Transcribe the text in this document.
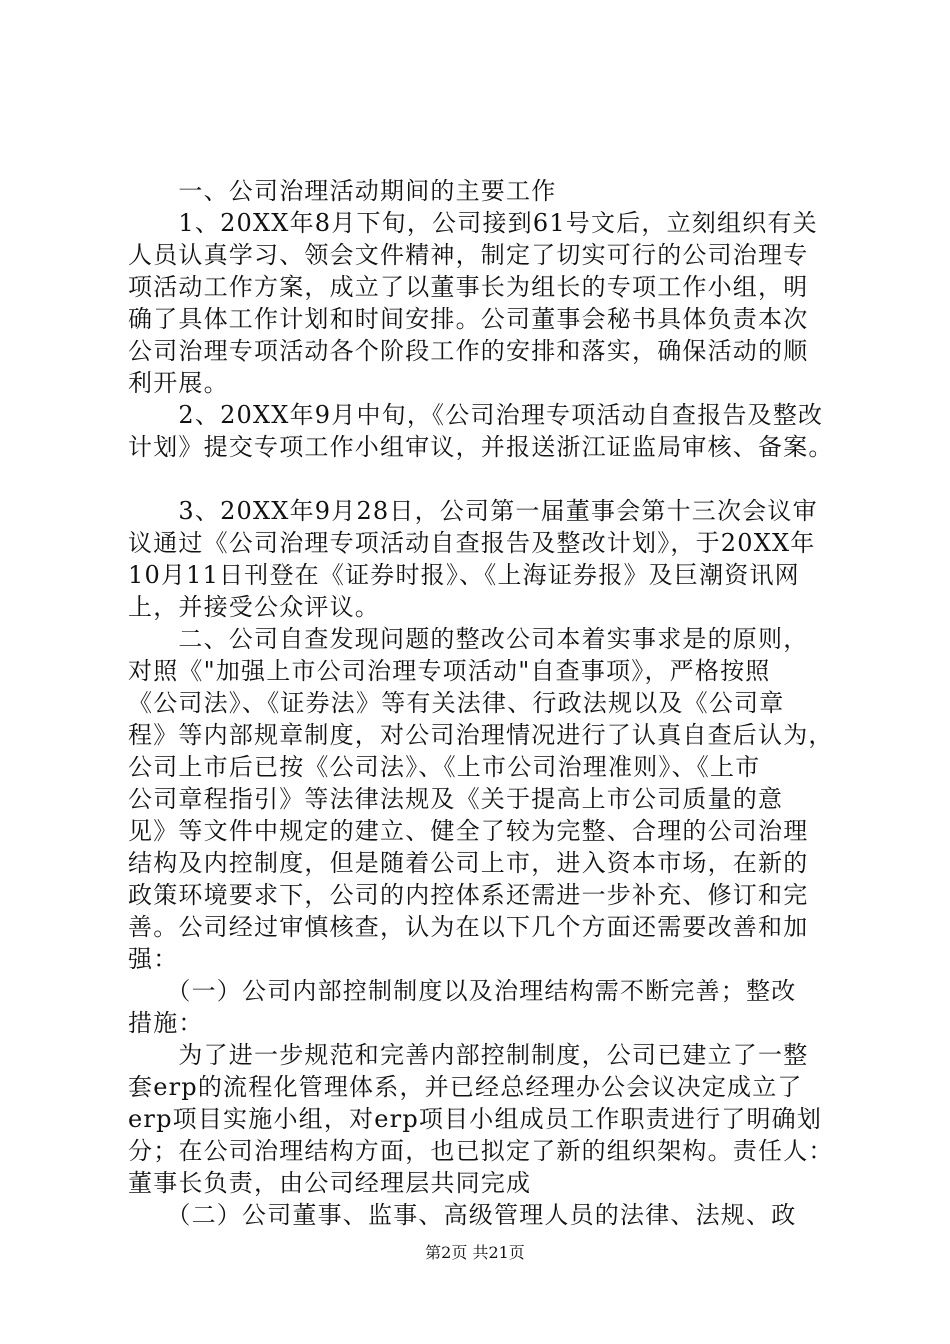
　　一、公司治理活动期间的主要工作
　　1、20XX年8月下旬，公司接到61号文后，立刻组织有关
人员认真学习、领会文件精神，制定了切实可行的公司治理专
项活动工作方案，成立了以董事长为组长的专项工作小组，明
确了具体工作计划和时间安排。公司董事会秘书具体负责本次
公司治理专项活动各个阶段工作的安排和落实，确保活动的顺
利开展。
　　2、20XX年9月中旬，《公司治理专项活动自查报告及整改
计划》提交专项工作小组审议，并报送浙江证监局审核、备案。
　　3、20XX年9月28日，公司第一届董事会第十三次会议审
议通过《公司治理专项活动自查报告及整改计划》，于20XX年
10月11日刊登在《证券时报》、《上海证券报》及巨潮资讯网
上，并接受公众评议。
　　二、公司自查发现问题的整改公司本着实事求是的原则，
对照《"加强上市公司治理专项活动"自查事项》，严格按照
《公司法》、《证券法》等有关法律、行政法规以及《公司章
程》等内部规章制度，对公司治理情况进行了认真自查后认为，
公司上市后已按《公司法》、《上市公司治理准则》、《上市
公司章程指引》等法律法规及《关于提高上市公司质量的意
见》等文件中规定的建立、健全了较为完整、合理的公司治理
结构及内控制度，但是随着公司上市，进入资本市场，在新的
政策环境要求下，公司的内控体系还需进一步补充、修订和完
善。公司经过审慎核查，认为在以下几个方面还需要改善和加
强：
　　（一）公司内部控制制度以及治理结构需不断完善；整改
措施：
　　为了进一步规范和完善内部控制制度，公司已建立了一整
套erp的流程化管理体系，并已经总经理办公会议决定成立了
erp项目实施小组，对erp项目小组成员工作职责进行了明确划
分；在公司治理结构方面，也已拟定了新的组织架构。责任人：
董事长负责，由公司经理层共同完成
　　（二）公司董事、监事、高级管理人员的法律、法规、政
第2页 共21页
